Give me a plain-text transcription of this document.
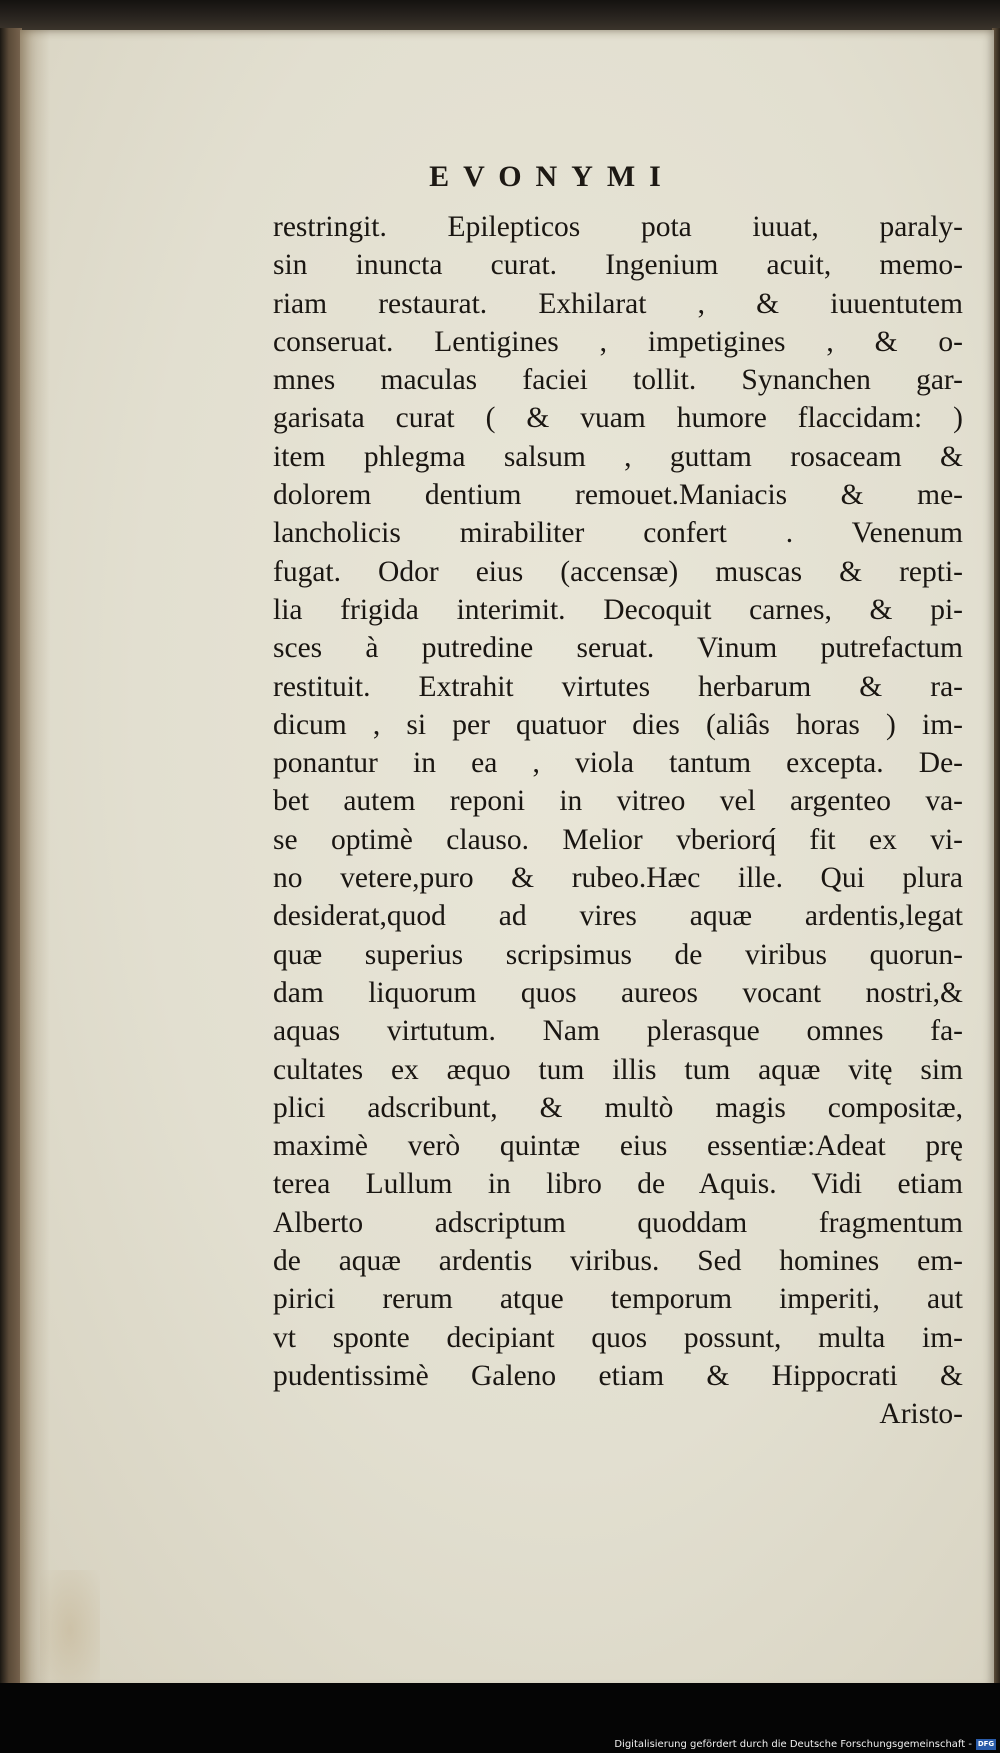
EVONYMI
restringit. Epilepticos pota iuuat, paraly-
sin inuncta curat. Ingenium acuit, memo-
riam restaurat. Exhilarat , & iuuentutem
conseruat. Lentigines , impetigines , & o-
mnes maculas faciei tollit. Synanchen gar-
garisata curat ( & vuam humore flaccidam: )
item phlegma salsum , guttam rosaceam &
dolorem dentium remouet.Maniacis & me-
lancholicis mirabiliter confert . Venenum
fugat. Odor eius (accensæ) muscas & repti-
lia frigida interimit. Decoquit carnes, & pi-
sces à putredine seruat. Vinum putrefactum
restituit. Extrahit virtutes herbarum & ra-
dicum , si per quatuor dies (aliâs horas ) im-
ponantur in ea , viola tantum excepta. De-
bet autem reponi in vitreo vel argenteo va-
se optimè clauso. Melior vberiorq́ fit ex vi-
no vetere,puro & rubeo.Hæc ille. Qui plura
desiderat,quod ad vires aquæ ardentis,legat
quæ superius scripsimus de viribus quorun-
dam liquorum quos aureos vocant nostri,&
aquas virtutum. Nam plerasque omnes fa-
cultates ex æquo tum illis tum aquæ vitę sim
plici adscribunt, & multò magis compositæ,
maximè verò quintæ eius essentiæ:Adeat prę
terea Lullum in libro de Aquis. Vidi etiam
Alberto adscriptum quoddam fragmentum
de aquæ ardentis viribus. Sed homines em-
pirici rerum atque temporum imperiti, aut
vt sponte decipiant quos possunt, multa im-
pudentissimè Galeno etiam & Hippocrati &
Aristo-
Digitalisierung gefördert durch die Deutsche Forschungsgemeinschaft - DFG
